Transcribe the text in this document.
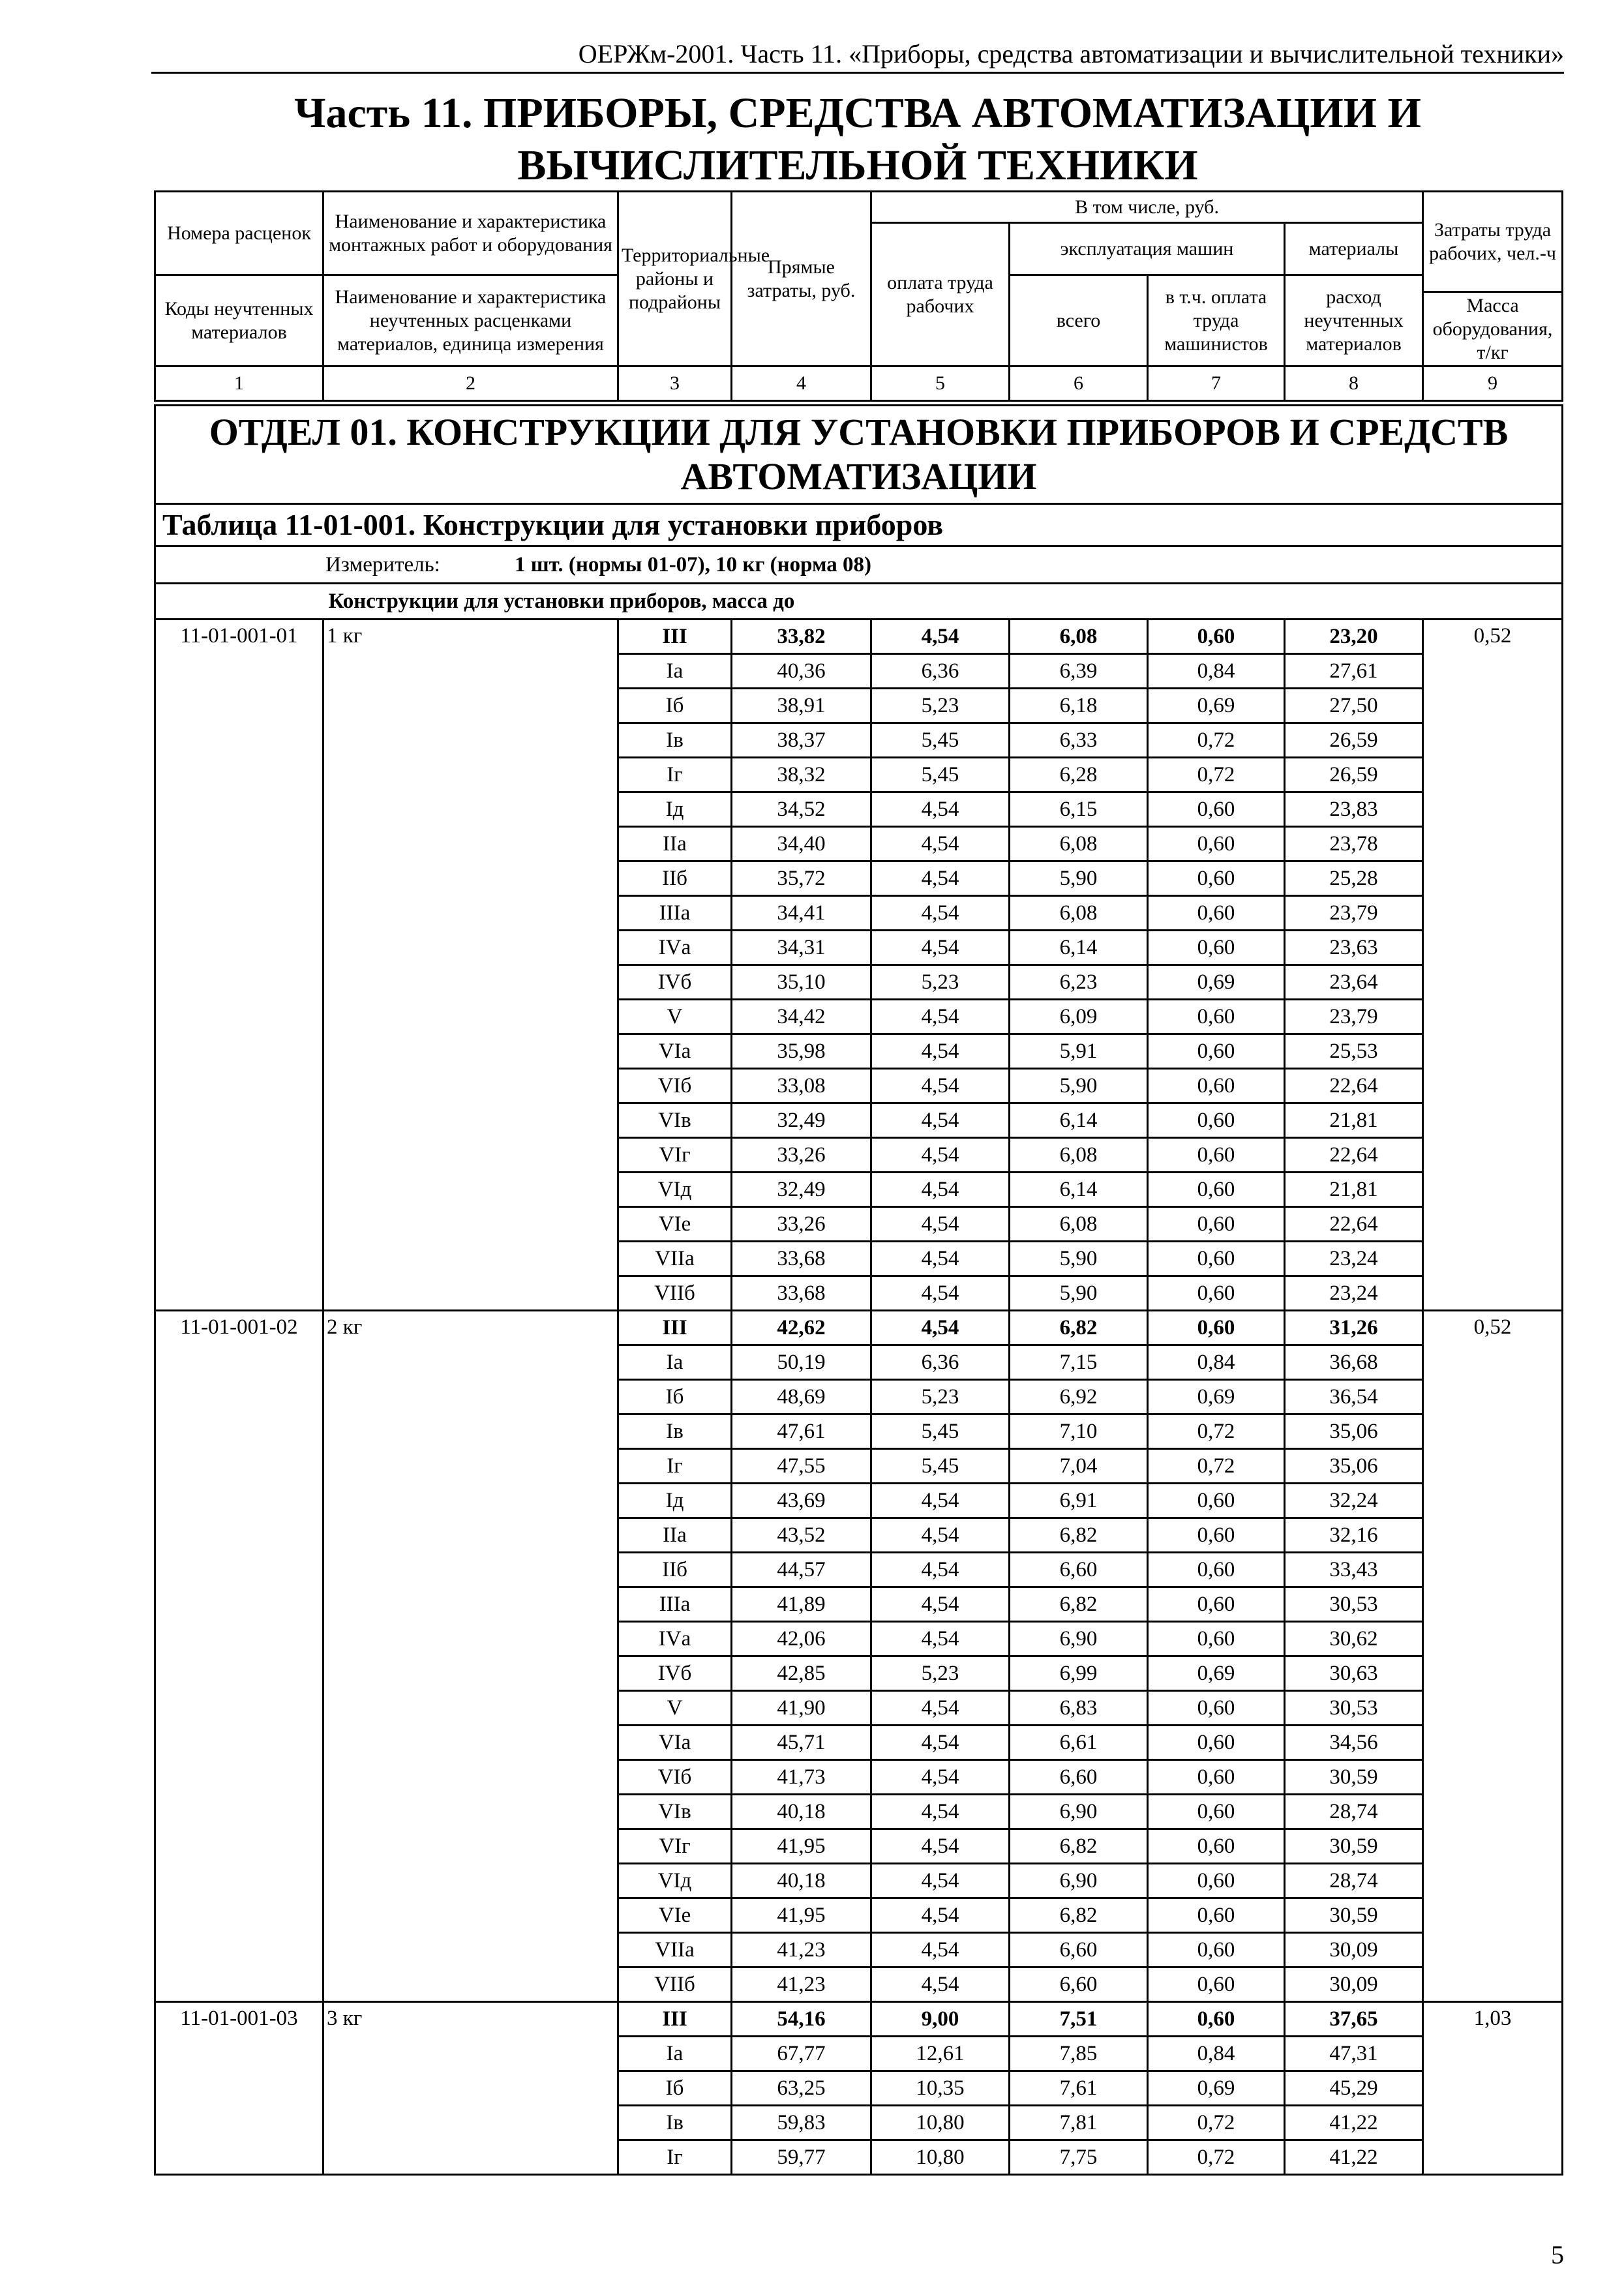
ОЕРЖм-2001. Часть 11. «Приборы, средства автоматизации и вычислительной техники»
Часть 11. ПРИБОРЫ, СРЕДСТВА АВТОМАТИЗАЦИИ И
ВЫЧИСЛИТЕЛЬНОЙ ТЕХНИКИ
Номера расценок	Наименование и характеристика монтажных работ и оборудования	Территориальные районы и подрайоны	Прямые затраты, руб.	В том числе, руб.				Затраты труда рабочих, чел.-ч
				оплата труда рабочих	эксплуатация машин		материалы	
Коды неучтенных материалов	Наименование и характеристика неучтенных расценками материалов, единица измерения				всего	в т.ч. оплата труда машинистов	расход неучтенных материалов	
								Масса оборудования, т/кг
1	2	3	4	5	6	7	8	9

ОТДЕЛ 01. КОНСТРУКЦИИ ДЛЯ УСТАНОВКИ ПРИБОРОВ И СРЕДСТВ АВТОМАТИЗАЦИИ								
Таблица 11-01-001. Конструкции для установки приборов								
Измеритель: 1 шт. (нормы 01-07), 10 кг (норма 08)								
	Конструкции для установки приборов, масса до							
11-01-001-01	1 кг	III	33,82	4,54	6,08	0,60	23,20	0,52
		Iа	40,36	6,36	6,39	0,84	27,61	
		Iб	38,91	5,23	6,18	0,69	27,50	
		Iв	38,37	5,45	6,33	0,72	26,59	
		Iг	38,32	5,45	6,28	0,72	26,59	
		Iд	34,52	4,54	6,15	0,60	23,83	
		IIа	34,40	4,54	6,08	0,60	23,78	
		IIб	35,72	4,54	5,90	0,60	25,28	
		IIIа	34,41	4,54	6,08	0,60	23,79	
		IVа	34,31	4,54	6,14	0,60	23,63	
		IVб	35,10	5,23	6,23	0,69	23,64	
		V	34,42	4,54	6,09	0,60	23,79	
		VIа	35,98	4,54	5,91	0,60	25,53	
		VIб	33,08	4,54	5,90	0,60	22,64	
		VIв	32,49	4,54	6,14	0,60	21,81	
		VIг	33,26	4,54	6,08	0,60	22,64	
		VIд	32,49	4,54	6,14	0,60	21,81	
		VIе	33,26	4,54	6,08	0,60	22,64	
		VIIа	33,68	4,54	5,90	0,60	23,24	
		VIIб	33,68	4,54	5,90	0,60	23,24	
11-01-001-02	2 кг	III	42,62	4,54	6,82	0,60	31,26	0,52
		Iа	50,19	6,36	7,15	0,84	36,68	
		Iб	48,69	5,23	6,92	0,69	36,54	
		Iв	47,61	5,45	7,10	0,72	35,06	
		Iг	47,55	5,45	7,04	0,72	35,06	
		Iд	43,69	4,54	6,91	0,60	32,24	
		IIа	43,52	4,54	6,82	0,60	32,16	
		IIб	44,57	4,54	6,60	0,60	33,43	
		IIIа	41,89	4,54	6,82	0,60	30,53	
		IVа	42,06	4,54	6,90	0,60	30,62	
		IVб	42,85	5,23	6,99	0,69	30,63	
		V	41,90	4,54	6,83	0,60	30,53	
		VIа	45,71	4,54	6,61	0,60	34,56	
		VIб	41,73	4,54	6,60	0,60	30,59	
		VIв	40,18	4,54	6,90	0,60	28,74	
		VIг	41,95	4,54	6,82	0,60	30,59	
		VIд	40,18	4,54	6,90	0,60	28,74	
		VIе	41,95	4,54	6,82	0,60	30,59	
		VIIа	41,23	4,54	6,60	0,60	30,09	
		VIIб	41,23	4,54	6,60	0,60	30,09	
11-01-001-03	3 кг	III	54,16	9,00	7,51	0,60	37,65	1,03
		Iа	67,77	12,61	7,85	0,84	47,31	
		Iб	63,25	10,35	7,61	0,69	45,29	
		Iв	59,83	10,80	7,81	0,72	41,22	
		Iг	59,77	10,80	7,75	0,72	41,22	
5
